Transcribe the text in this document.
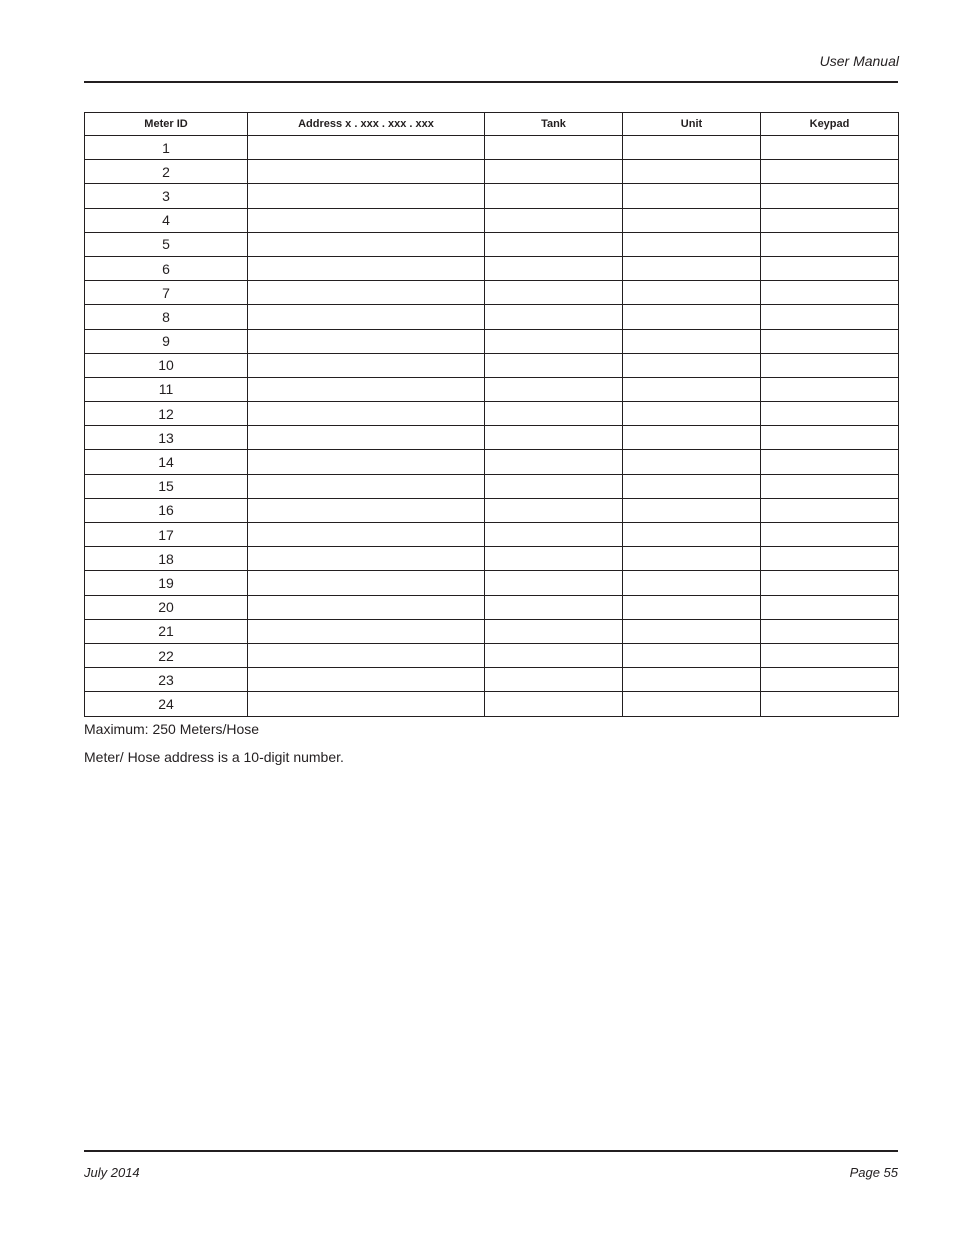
User Manual
Meter ID	Address x . xxx . xxx . xxx	Tank	Unit	Keypad
1				
2				
3				
4				
5				
6				
7				
8				
9				
10				
11				
12				
13				
14				
15				
16				
17				
18				
19				
20				
21				
22				
23				
24				
Maximum: 250 Meters/Hose
Meter/ Hose address is a 10-digit number.
July 2014	Page 55
